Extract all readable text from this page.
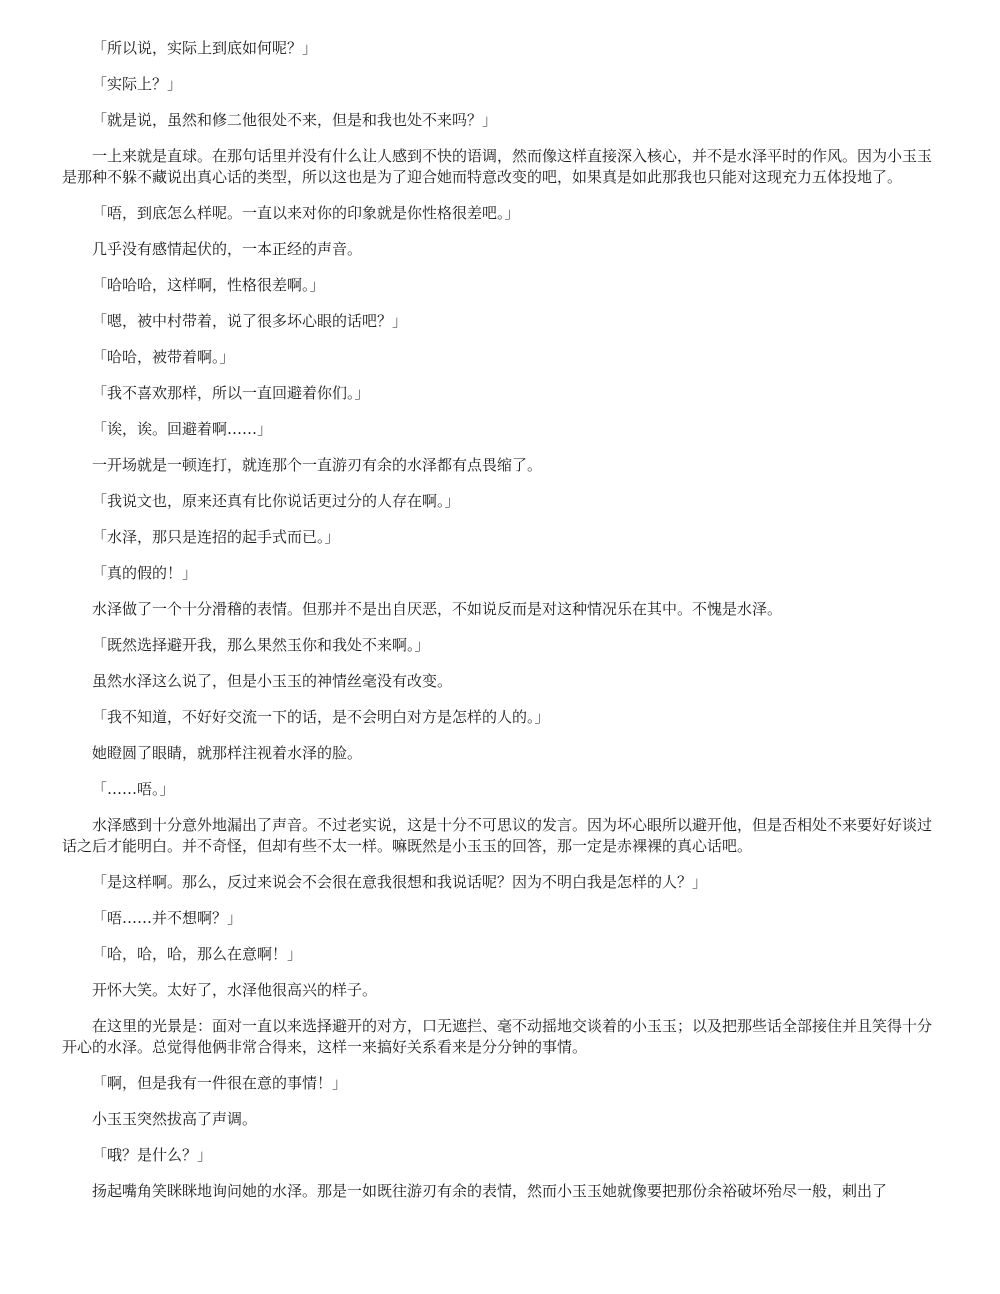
「所以说，实际上到底如何呢？」

「实际上？」

「就是说，虽然和修二他很处不来，但是和我也处不来吗？」

一上来就是直球。在那句话里并没有什么让人感到不快的语调，然而像这样直接深入核心，并不是水泽平时的作风。因为小玉玉是那种不躲不藏说出真心话的类型，所以这也是为了迎合她而特意改变的吧，如果真是如此那我也只能对这现充力五体投地了。

「唔，到底怎么样呢。一直以来对你的印象就是你性格很差吧。」

几乎没有感情起伏的，一本正经的声音。

「哈哈哈，这样啊，性格很差啊。」

「嗯，被中村带着，说了很多坏心眼的话吧？」

「哈哈，被带着啊。」

「我不喜欢那样，所以一直回避着你们。」

「诶，诶。回避着啊……」

一开场就是一顿连打，就连那个一直游刃有余的水泽都有点畏缩了。

「我说文也，原来还真有比你说话更过分的人存在啊。」

「水泽，那只是连招的起手式而已。」

「真的假的！」

水泽做了一个十分滑稽的表情。但那并不是出自厌恶，不如说反而是对这种情况乐在其中。不愧是水泽。

「既然选择避开我，那么果然玉你和我处不来啊。」

虽然水泽这么说了，但是小玉玉的神情丝毫没有改变。

「我不知道，不好好交流一下的话，是不会明白对方是怎样的人的。」

她瞪圆了眼睛，就那样注视着水泽的脸。

「……唔。」

水泽感到十分意外地漏出了声音。不过老实说，这是十分不可思议的发言。因为坏心眼所以避开他，但是否相处不来要好好谈过话之后才能明白。并不奇怪，但却有些不太一样。嘛既然是小玉玉的回答，那一定是赤裸裸的真心话吧。

「是这样啊。那么，反过来说会不会很在意我很想和我说话呢？因为不明白我是怎样的人？」

「唔……并不想啊？」

「哈，哈，哈，那么在意啊！」

开怀大笑。太好了，水泽他很高兴的样子。

在这里的光景是：面对一直以来选择避开的对方，口无遮拦、毫不动摇地交谈着的小玉玉；以及把那些话全部接住并且笑得十分开心的水泽。总觉得他俩非常合得来，这样一来搞好关系看来是分分钟的事情。

「啊，但是我有一件很在意的事情！」

小玉玉突然拔高了声调。

「哦？是什么？」

扬起嘴角笑眯眯地询问她的水泽。那是一如既往游刃有余的表情，然而小玉玉她就像要把那份余裕破坏殆尽一般，刺出了
